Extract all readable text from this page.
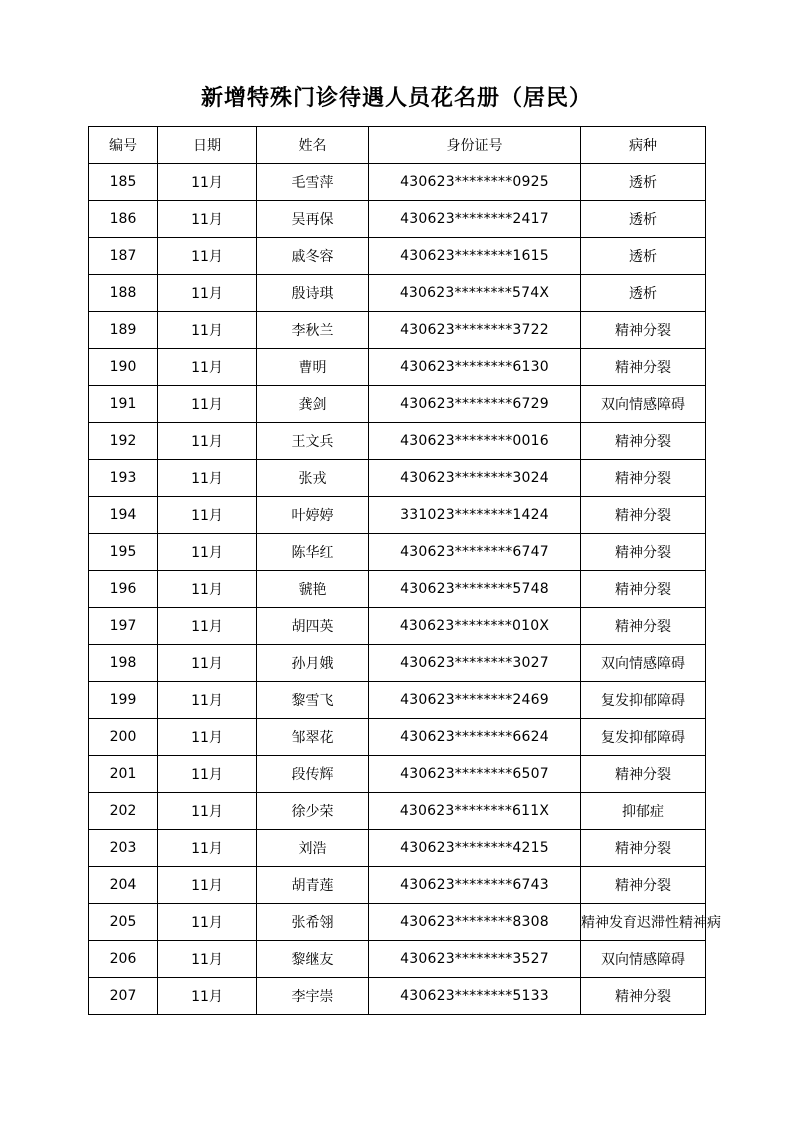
新增特殊门诊待遇人员花名册（居民）
编号	日期	姓名	身份证号	病种
185	11月	毛雪萍	430623********0925	透析
186	11月	吴再保	430623********2417	透析
187	11月	戚冬容	430623********1615	透析
188	11月	殷诗琪	430623********574X	透析
189	11月	李秋兰	430623********3722	精神分裂
190	11月	曹明	430623********6130	精神分裂
191	11月	龚剑	430623********6729	双向情感障碍
192	11月	王文兵	430623********0016	精神分裂
193	11月	张戎	430623********3024	精神分裂
194	11月	叶婷婷	331023********1424	精神分裂
195	11月	陈华红	430623********6747	精神分裂
196	11月	虢艳	430623********5748	精神分裂
197	11月	胡四英	430623********010X	精神分裂
198	11月	孙月娥	430623********3027	双向情感障碍
199	11月	黎雪飞	430623********2469	复发抑郁障碍
200	11月	邹翠花	430623********6624	复发抑郁障碍
201	11月	段传辉	430623********6507	精神分裂
202	11月	徐少荣	430623********611X	抑郁症
203	11月	刘浩	430623********4215	精神分裂
204	11月	胡青莲	430623********6743	精神分裂
205	11月	张希翎	430623********8308	精神发育迟滞性精神病
206	11月	黎继友	430623********3527	双向情感障碍
207	11月	李宇崇	430623********5133	精神分裂
